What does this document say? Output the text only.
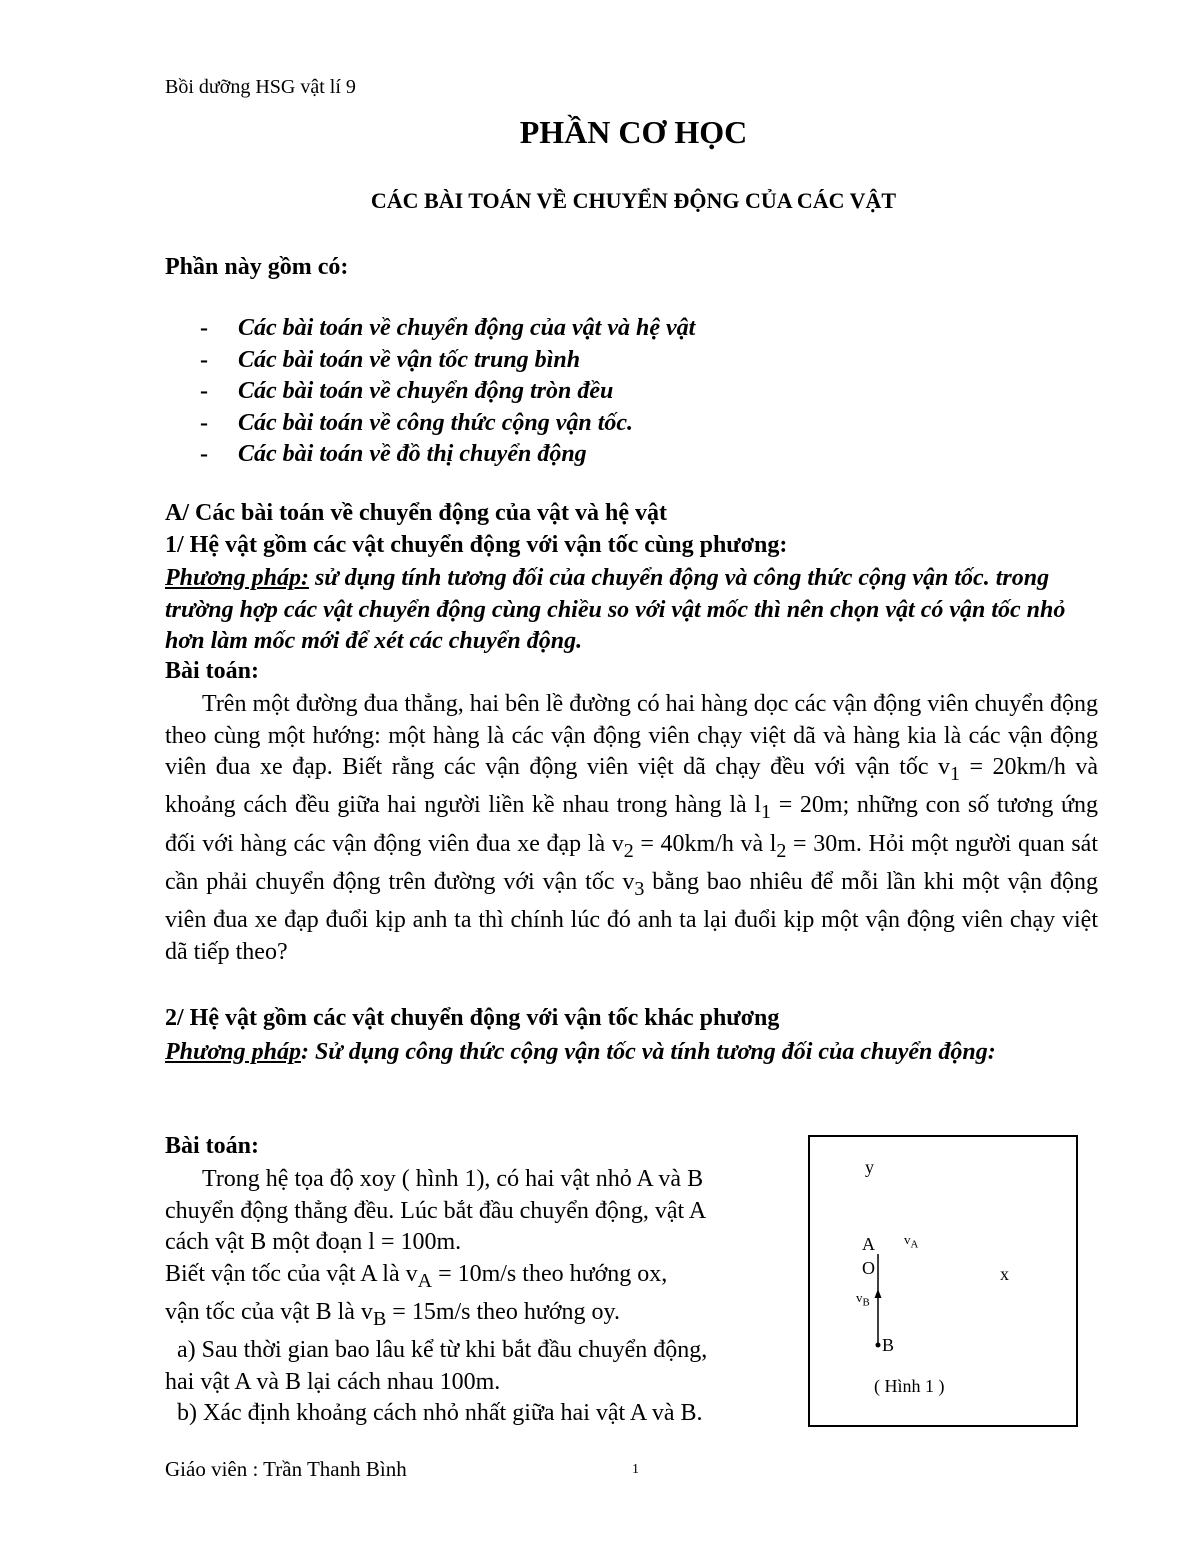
Bồi dưỡng HSG vật lí 9
PHẦN CƠ HỌC
CÁC BÀI TOÁN VỀ CHUYỂN ĐỘNG CỦA CÁC VẬT
Phần này gồm có:
- Các bài toán về chuyển động của vật và hệ vật
- Các bài toán về vận tốc trung bình
- Các bài toán về chuyển động tròn đều
- Các bài toán về công thức cộng vận tốc.
- Các bài toán về đồ thị chuyển động
A/ Các bài toán về chuyển động của vật và hệ vật
1/ Hệ vật gồm các vật chuyển động với vận tốc cùng phương:
Phương pháp: sử dụng tính tương đối của chuyển động và công thức cộng vận tốc. trong trường hợp các vật chuyển động cùng chiều so với vật mốc thì nên chọn vật có vận tốc nhỏ hơn làm mốc mới để xét các chuyển động.
Bài toán:
Trên một đường đua thẳng, hai bên lề đường có hai hàng dọc các vận động viên chuyển động theo cùng một hướng: một hàng là các vận động viên chạy việt dã và hàng kia là các vận động viên đua xe đạp. Biết rằng các vận động viên việt dã chạy đều với vận tốc $v_1 = 20km/h$ và khoảng cách đều giữa hai người liền kề nhau trong hàng là $l_1 = 20m$; những con số tương ứng đối với hàng các vận động viên đua xe đạp là $v_2 = 40km/h$ và $l_2 = 30m$. Hỏi một người quan sát cần phải chuyển động trên đường với vận tốc $v_3$ bằng bao nhiêu để mỗi lần khi một vận động viên đua xe đạp đuổi kịp anh ta thì chính lúc đó anh ta lại đuổi kịp một vận động viên chạy việt dã tiếp theo?
2/ Hệ vật gồm các vật chuyển động với vận tốc khác phương
Phương pháp: Sử dụng công thức cộng vận tốc và tính tương đối của chuyển động:
Bài toán:
Trong hệ tọa độ xoy ( hình 1), có hai vật nhỏ A và B
chuyển động thẳng đều. Lúc bắt đầu chuyển động, vật A
cách vật B một đoạn l = 100m.
Biết vận tốc của vật A là $v_A = 10m/s$ theo hướng ox,
vận tốc của vật B là $v_B = 15m/s$ theo hướng oy.
a) Sau thời gian bao lâu kể từ khi bắt đầu chuyển động,
hai vật A và B lại cách nhau 100m.
b) Xác định khoảng cách nhỏ nhất giữa hai vật A và B.
y
A $v_A$
O	x
$v_B$
B
( Hình 1 )
Giáo viên : Trần Thanh Bình	1
